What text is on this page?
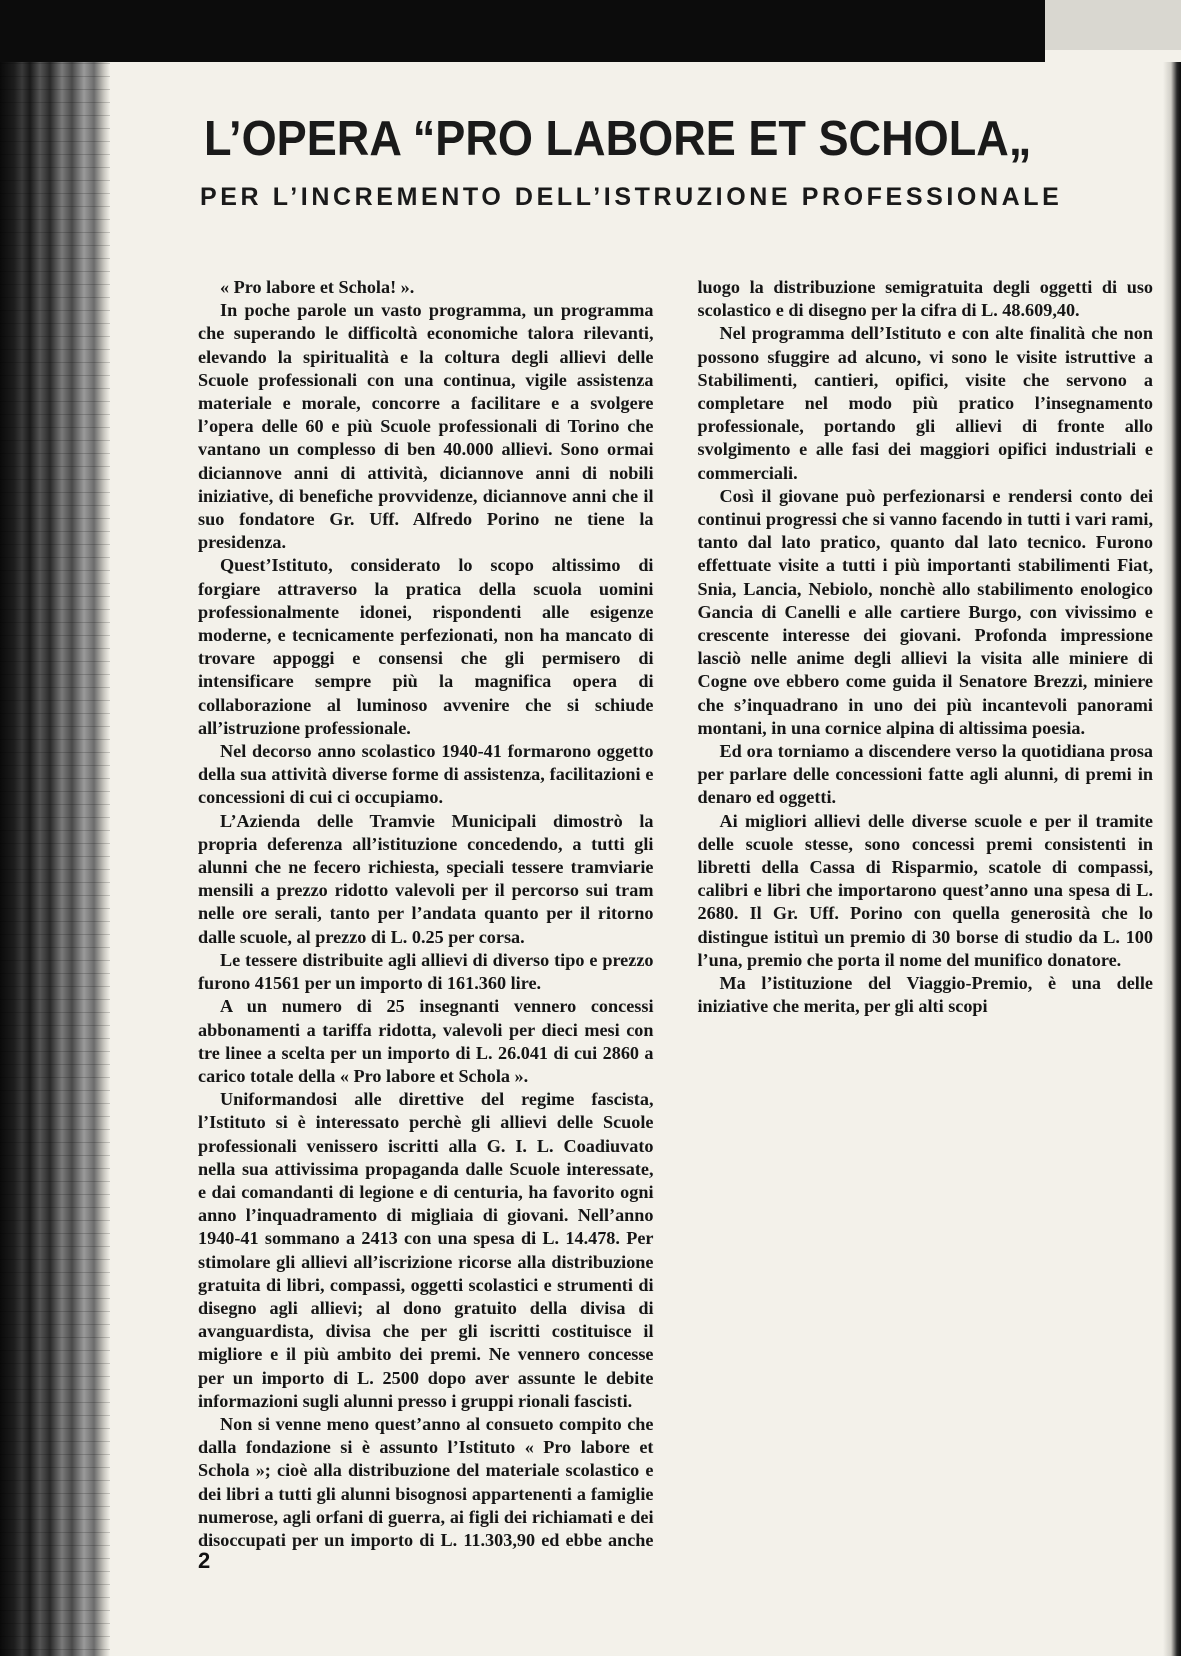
L’OPERA “PRO LABORE ET SCHOLA„
PER L’INCREMENTO DELL’ISTRUZIONE PROFESSIONALE

« Pro labore et Schola! ».

In poche parole un vasto programma, un programma che superando le difficoltà economiche talora rilevanti, elevando la spiritualità e la coltura degli allievi delle Scuole professionali con una continua, vigile assistenza materiale e morale, concorre a facilitare e a svolgere l’opera delle 60 e più Scuole professionali di Torino che vantano un complesso di ben 40.000 allievi. Sono ormai diciannove anni di attività, diciannove anni di nobili iniziative, di benefiche provvidenze, diciannove anni che il suo fondatore Gr. Uff. Alfredo Porino ne tiene la presidenza.

Quest’Istituto, considerato lo scopo altissimo di forgiare attraverso la pratica della scuola uomini professionalmente idonei, rispondenti alle esigenze moderne, e tecnicamente perfezionati, non ha mancato di trovare appoggi e consensi che gli permisero di intensificare sempre più la magnifica opera di collaborazione al luminoso avvenire che si schiude all’istruzione professionale.

Nel decorso anno scolastico 1940-41 formarono oggetto della sua attività diverse forme di assistenza, facilitazioni e concessioni di cui ci occupiamo.

L’Azienda delle Tramvie Municipali dimostrò la propria deferenza all’istituzione concedendo, a tutti gli alunni che ne fecero richiesta, speciali tessere tramviarie mensili a prezzo ridotto valevoli per il percorso sui tram nelle ore serali, tanto per l’andata quanto per il ritorno dalle scuole, al prezzo di L. 0.25 per corsa.

Le tessere distribuite agli allievi di diverso tipo e prezzo furono 41561 per un importo di 161.360 lire.

A un numero di 25 insegnanti vennero concessi abbonamenti a tariffa ridotta, valevoli per dieci mesi con tre linee a scelta per un importo di L. 26.041 di cui 2860 a carico totale della « Pro labore et Schola ».

Uniformandosi alle direttive del regime fascista, l’Istituto si è interessato perchè gli allievi delle Scuole professionali venissero iscritti alla G. I. L. Coadiuvato nella sua attivissima propaganda dalle Scuole interessate, e dai comandanti di legione e di centuria, ha favorito ogni anno l’inquadramento di migliaia di giovani. Nell’anno 1940-41 sommano a 2413 con una spesa di L. 14.478. Per stimolare gli allievi all’iscrizione ricorse alla distribuzione gratuita di libri, compassi, oggetti scolastici e strumenti di disegno agli allievi; al dono gratuito della divisa di avanguardista, divisa che per gli iscritti costituisce il migliore e il più ambito dei premi. Ne vennero concesse per un importo di L. 2500 dopo aver assunte le debite informazioni sugli alunni presso i gruppi rionali fascisti.

Non si venne meno quest’anno al consueto compito che dalla fondazione si è assunto l’Istituto « Pro labore et Schola »; cioè alla distribuzione del materiale scolastico e dei libri a tutti gli alunni bisognosi appartenenti a famiglie numerose, agli orfani di guerra, ai figli dei richiamati e dei disoccupati per un importo di L. 11.303,90 ed ebbe anche luogo la distribuzione semigratuita degli oggetti di uso scolastico e di disegno per la cifra di L. 48.609,40.

Nel programma dell’Istituto e con alte finalità che non possono sfuggire ad alcuno, vi sono le visite istruttive a Stabilimenti, cantieri, opifici, visite che servono a completare nel modo più pratico l’insegnamento professionale, portando gli allievi di fronte allo svolgimento e alle fasi dei maggiori opifici industriali e commerciali.

Così il giovane può perfezionarsi e rendersi conto dei continui progressi che si vanno facendo in tutti i vari rami, tanto dal lato pratico, quanto dal lato tecnico. Furono effettuate visite a tutti i più importanti stabilimenti Fiat, Snia, Lancia, Nebiolo, nonchè allo stabilimento enologico Gancia di Canelli e alle cartiere Burgo, con vivissimo e crescente interesse dei giovani. Profonda impressione lasciò nelle anime degli allievi la visita alle miniere di Cogne ove ebbero come guida il Senatore Brezzi, miniere che s’inquadrano in uno dei più incantevoli panorami montani, in una cornice alpina di altissima poesia.

Ed ora torniamo a discendere verso la quotidiana prosa per parlare delle concessioni fatte agli alunni, di premi in denaro ed oggetti.

Ai migliori allievi delle diverse scuole e per il tramite delle scuole stesse, sono concessi premi consistenti in libretti della Cassa di Risparmio, scatole di compassi, calibri e libri che importarono quest’anno una spesa di L. 2680. Il Gr. Uff. Porino con quella generosità che lo distingue istituì un premio di 30 borse di studio da L. 100 l’una, premio che porta il nome del munifico donatore.

Ma l’istituzione del Viaggio-Premio, è una delle iniziative che merita, per gli alti scopi

2
